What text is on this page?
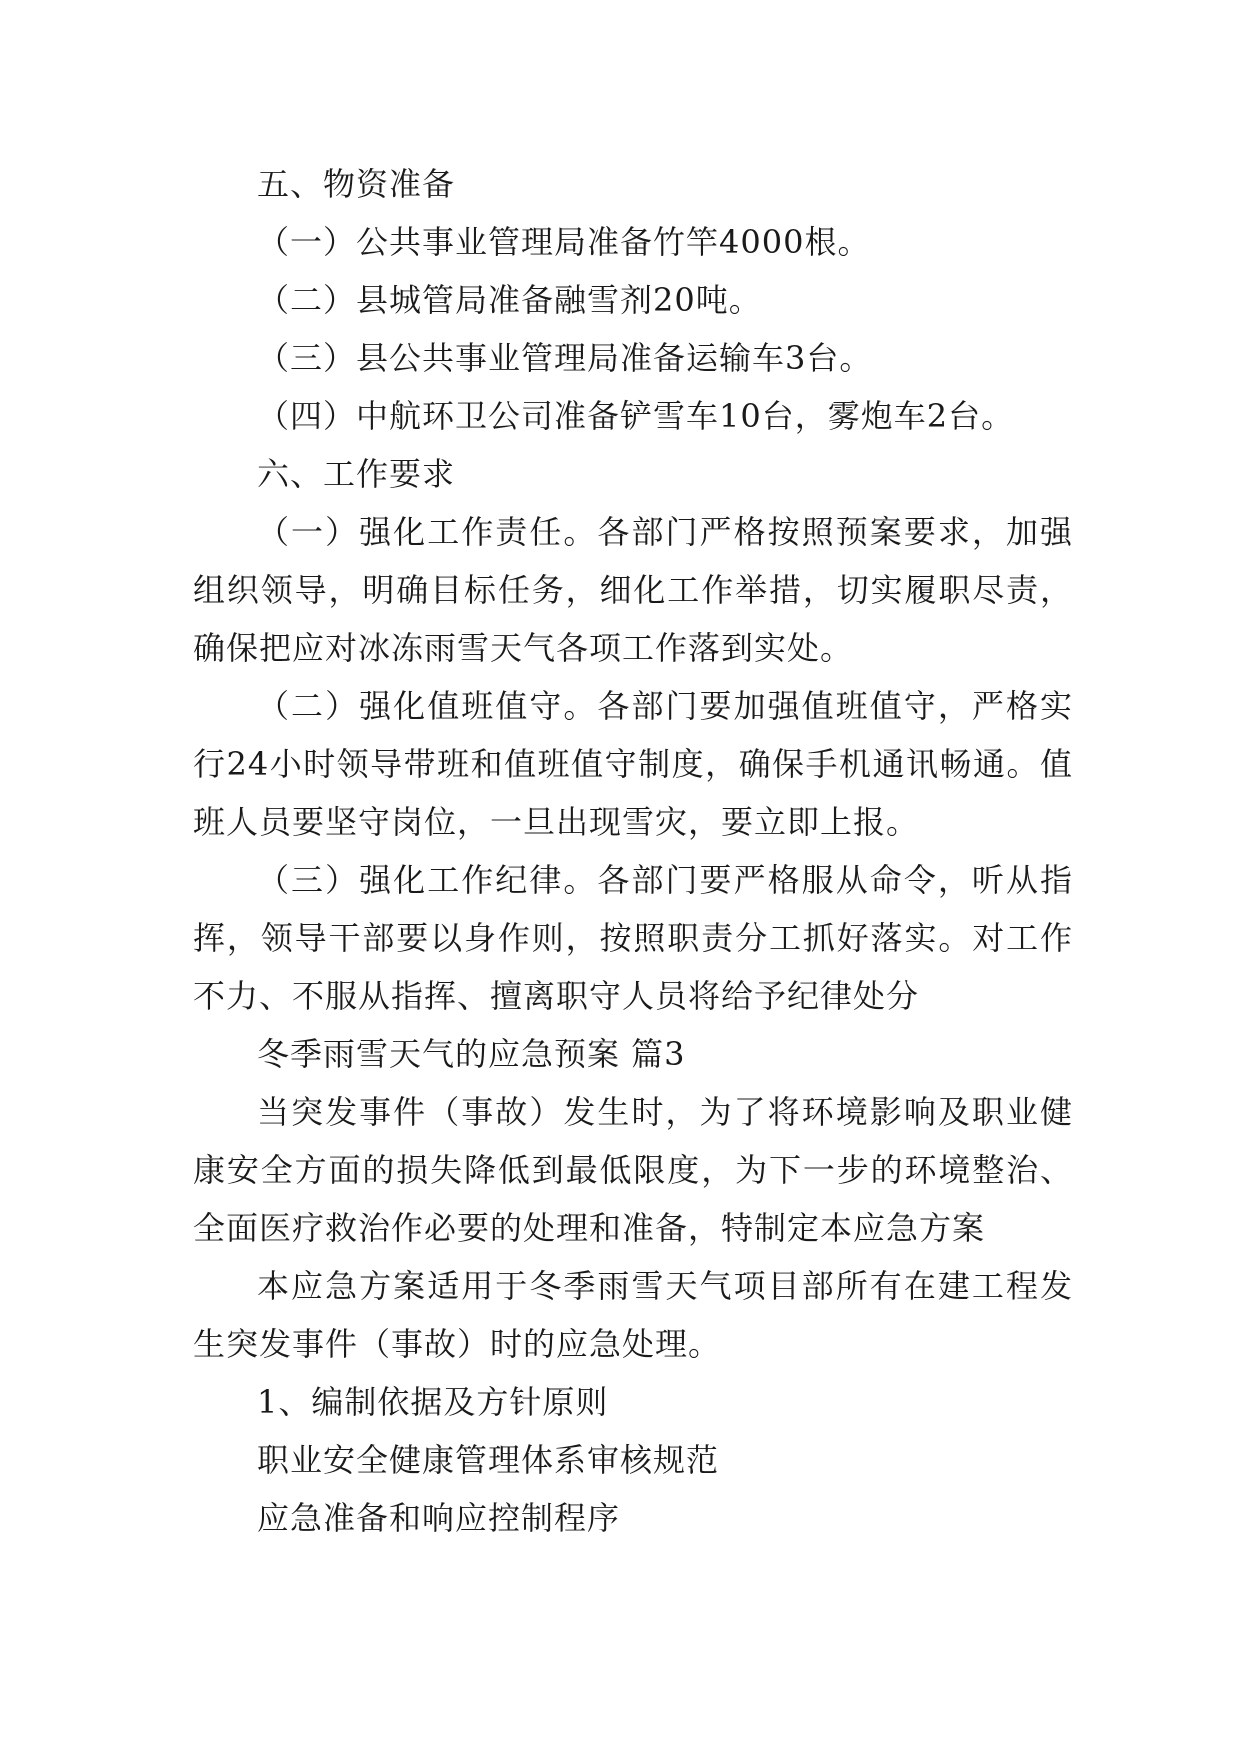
五、物资准备

（一）公共事业管理局准备竹竿4000根。

（二）县城管局准备融雪剂20吨。

（三）县公共事业管理局准备运输车3台。

（四）中航环卫公司准备铲雪车10台，雾炮车2台。

六、工作要求

（一）强化工作责任。各部门严格按照预案要求，加强组织领导，明确目标任务，细化工作举措，切实履职尽责，确保把应对冰冻雨雪天气各项工作落到实处。

（二）强化值班值守。各部门要加强值班值守，严格实行24小时领导带班和值班值守制度，确保手机通讯畅通。值班人员要坚守岗位，一旦出现雪灾，要立即上报。

（三）强化工作纪律。各部门要严格服从命令，听从指挥，领导干部要以身作则，按照职责分工抓好落实。对工作不力、不服从指挥、擅离职守人员将给予纪律处分

冬季雨雪天气的应急预案 篇3

当突发事件（事故）发生时，为了将环境影响及职业健康安全方面的损失降低到最低限度，为下一步的环境整治、全面医疗救治作必要的处理和准备，特制定本应急方案

本应急方案适用于冬季雨雪天气项目部所有在建工程发生突发事件（事故）时的应急处理。

1、编制依据及方针原则

职业安全健康管理体系审核规范

应急准备和响应控制程序
